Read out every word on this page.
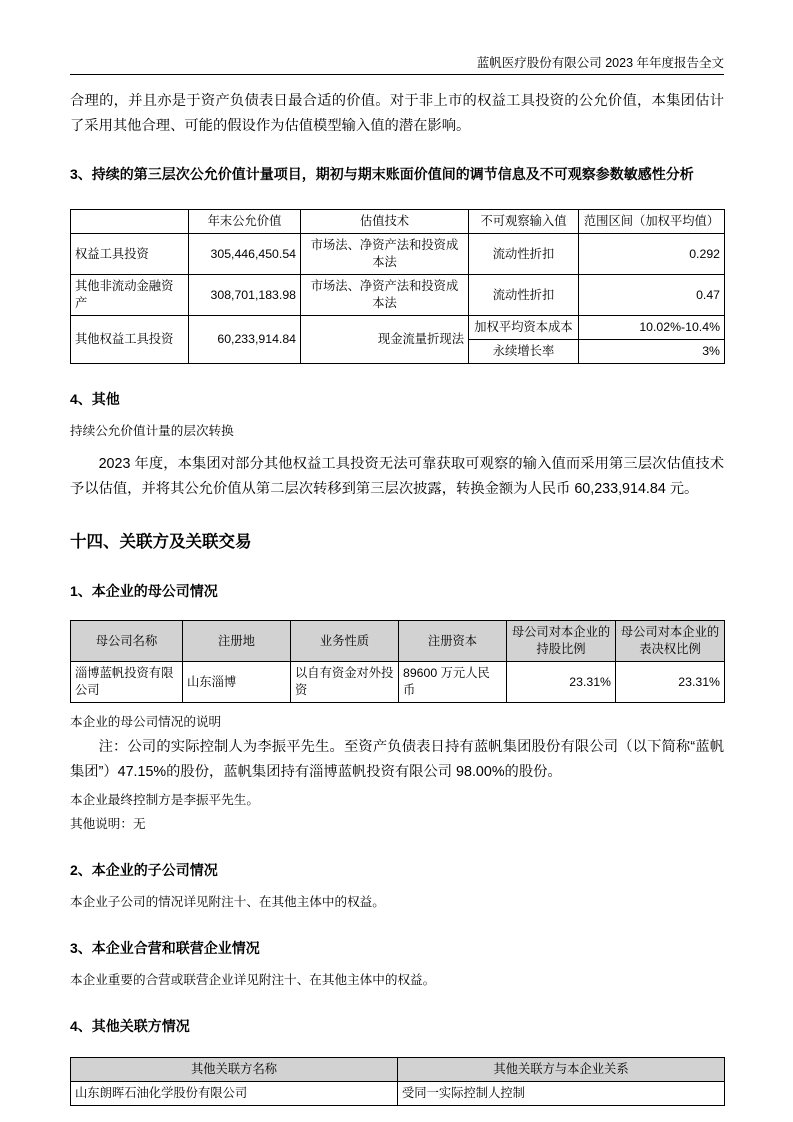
蓝帆医疗股份有限公司 2023 年年度报告全文

合理的，并且亦是于资产负债表日最合适的价值。对于非上市的权益工具投资的公允价值，本集团估计了采用其他合理、可能的假设作为估值模型输入值的潜在影响。

3、持续的第三层次公允价值计量项目，期初与期末账面价值间的调节信息及不可观察参数敏感性分析
	年末公允价值	估值技术	不可观察输入值	范围区间（加权平均值）
权益工具投资	305,446,450.54	市场法、净资产法和投资成本法	流动性折扣	0.292
其他非流动金融资产	308,701,183.98	市场法、净资产法和投资成本法	流动性折扣	0.47
其他权益工具投资	60,233,914.84	现金流量折现法	加权平均资本成本	10.02%-10.4%
			永续增长率	3%
4、其他

持续公允价值计量的层次转换

2023 年度，本集团对部分其他权益工具投资无法可靠获取可观察的输入值而采用第三层次估值技术予以估值，并将其公允价值从第二层次转移到第三层次披露，转换金额为人民币 60,233,914.84 元。

十四、关联方及关联交易
1、本企业的母公司情况
母公司名称	注册地	业务性质	注册资本	母公司对本企业的持股比例	母公司对本企业的表决权比例
淄博蓝帆投资有限公司	山东淄博	以自有资金对外投资	89600 万元人民币	23.31%	23.31%

本企业的母公司情况的说明

注：公司的实际控制人为李振平先生。至资产负债表日持有蓝帆集团股份有限公司（以下简称“蓝帆集团”）47.15%的股份，蓝帆集团持有淄博蓝帆投资有限公司 98.00%的股份。

本企业最终控制方是李振平先生。

其他说明：无

2、本企业的子公司情况

本企业子公司的情况详见附注十、在其他主体中的权益。

3、本企业合营和联营企业情况

本企业重要的合营或联营企业详见附注十、在其他主体中的权益。

4、其他关联方情况
其他关联方名称	其他关联方与本企业关系
山东朗晖石油化学股份有限公司	受同一实际控制人控制
